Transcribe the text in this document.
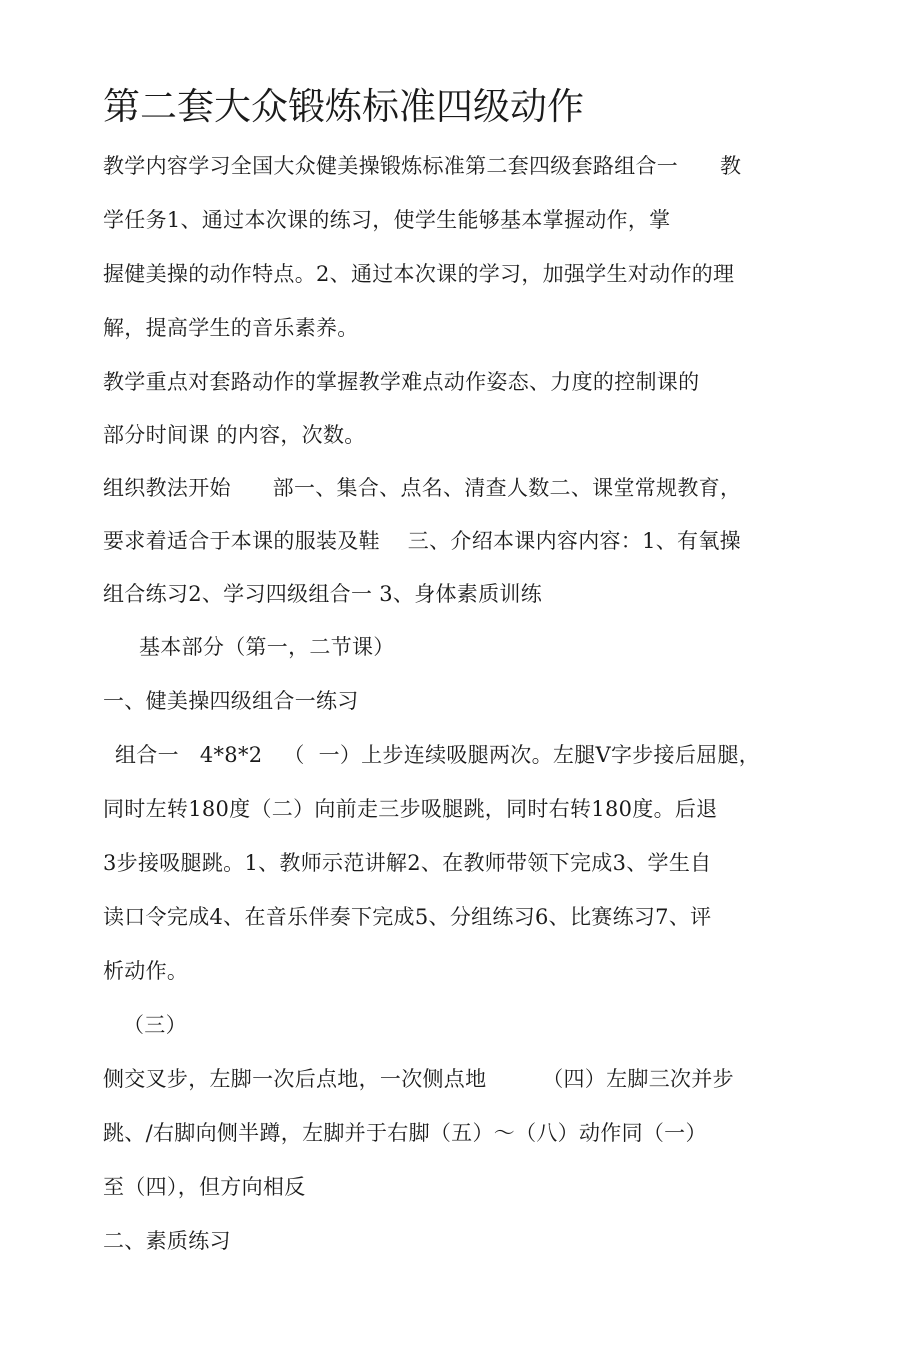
第二套大众锻炼标准四级动作
教学内容学习全国大众健美操锻炼标准第二套四级套路组合一      教
学任务1、通过本次课的练习，使学生能够基本掌握动作，掌
握健美操的动作特点。2、通过本次课的学习，加强学生对动作的理
解，提高学生的音乐素养。
教学重点对套路动作的掌握教学难点动作姿态、力度的控制课的
部分时间课 的内容，次数。
组织教法开始      部一、集合、点名、清查人数二、课堂常规教育，
要求着适合于本课的服装及鞋    三、介绍本课内容内容：1、有氧操
组合练习2、学习四级组合一 3、身体素质训练
基本部分（第一，二节课）
一、健美操四级组合一练习
组合一   4*8*2   （  一）上步连续吸腿两次。左腿V字步接后屈腿，
同时左转180度（二）向前走三步吸腿跳，同时右转180度。后退
3步接吸腿跳。1、教师示范讲解2、在教师带领下完成3、学生自
读口令完成4、在音乐伴奏下完成5、分组练习6、比赛练习7、评
析动作。
（三）
侧交叉步，左脚一次后点地，一次侧点地        （四）左脚三次并步
跳、/右脚向侧半蹲，左脚并于右脚（五）〜（八）动作同（一）
至（四），但方向相反
二、素质练习
